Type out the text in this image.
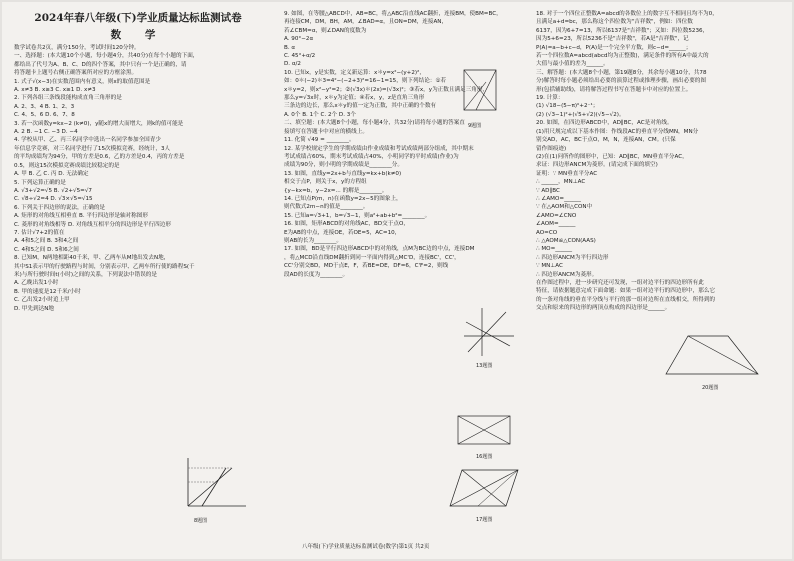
2024年春八年级(下)学业质量达标监测试卷
数 学
数学试卷共2页，满分150分，考试时间120分钟。
一、选择题：(本大题10个小题，每小题4分，共40分)在每个小题的下面，
都给出了代号为A、B、C、D的四个答案，其中只有一个是正确的，请
将答题卡上题号右侧正确答案所对应的方框涂黑。
1. 式子√(x−3)在实数范围内有意义，则x的取值范围是
A. x≠3 B. x≥3 C. x≥1 D. x≠3
2. 下列各组三条线段能构成直角三角形的是
A. 2、3、4 B. 1、2、3
C. 4、5、6 D. 6、7、8
3. 若一次函数y=kx−2 (k≠0)，y随x的增大而增大，则k的值可能是
A. 2 B. −1 C. −3 D. −4
4. 学校从甲、乙、丙三名同学中选出一名同学参加全国青少
年信息学竞赛，对三名同学进行了15次模拟竞赛，经统计，3人
的平均成绩均为94分，甲的方差是0.6，乙的方差是0.4，丙的方差是
0.5，则这15次模拟竞赛成绩比较稳定的是
A. 甲 B. 乙 C. 丙 D. 无法确定
5. 下列运算正确的是
A. √3+√2=√5 B. √2+√5=√7
C. √8÷√2=4 D. √3×√5=√15
6. 下列关于四边形的说法，正确的是
A. 矩形的对角线互相垂直 B. 平行四边形是轴对称图形
C. 菱形的对角线相等 D. 对角线互相平分的四边形是平行四边形
7. 估计√7+2的值在
A. 4和5之间 B. 3和4之间
C. 4和5之间 D. 5和6之间
8. 已知M，N两地相距40千米，甲、乙两车从M地出发去N地，
其中S1表示甲的行驶路程与时间，分别表示甲、乙两车所行使的路程S(千
米)与所行驶时间t(小时)之间的关系，下列说法中错误的是
A. 乙晚出发1小时
B. 甲的速度是12千米/小时
C. 乙出发2小时追上甲
D. 甲先到达N地
9. 如图，在等腰△ABCD中，AB=BC，将△ABC沿直线AC翻折，连接BM，使BM=BC，
再连接CM，DM，BH，AM，∠BAD=α，且ON=DM，连接AN，
若∠CBM=α，则∠DAN的度数为
A. 90°−2α
B. α
C. 45°+α/2
D. α/2
10. 已知x，y是实数，定义新运算：x＊y=x²−(y+2)²，
如：0＊(−2)＊3=4²−(−2+3)²=16−1=15，则下列结论：①若
x＊y=2，则x²−y²=2；②(√3x)＊(2x)=(√3x)²；③若x，y为正数且满足三角形，
那么y=√3x时，x＊y为定值；④若x，y，z是直角三角形
三条边的边长，那么x＊y的值一定为正数，其中正确的个数有
A. 0个 B. 1个 C. 2个 D. 3个
二、填空题：(本大题8个小题，每小题4分，共32分)请将每小题的答案直
接填写在答题卡中对应的横线上。
11. 化简 √49 = ________。
12. 某学校规定学生的学期成绩由作业成绩和考试成绩两部分组成，其中期末
考试成绩占60%，期末考试成绩占40%，小明同学的平时成绩(作业)为
成绩为90分，则小明的学期成绩是________分。
13. 如图，直线y=2x+b与直线y=kx+b(k≠0)
相交于点P，则关于x，y的方程组
{y−kx=b，y−2x=... 的解是________。
14. 已知点P(m，n)在函数y=2x−5的图象上，
则代数式2m−n的值是________。
15. 已知a=√3+1，b=√3−1，则a²+ab+b²=________。
16. 如图，矩形ABCD的对角线AC，BD交于点O，
E为AB的中点，连接OE，若OE=5，AC=10，
则AB的长为________。
17. 如图，BD是平行四边形ABCD中的对角线，点M为BC边的中点，连接DM
，将△MCD沿直线DM翻折到同一平面内得到△MC'D，连接BC'，CC'，
CC'分别交BD，MD于点E，F，若BE=DE，DF=6，C'F=2，则线
段AD的长度为________。
18. 对于一个四位正整数A=abcd的各数位上的数字互不相同且均不为0，
且满足a+d=bc，那么称这个四位数为"吉祥数"，例如：四位数
6137，因为6+7=13，所以6137是"吉祥数"；又如：四位数5236，
因为5+6=23，所以5236不是"吉祥数"，若A是"吉祥数"，记
P(A)=a−b+c−d，P(A)是一个完全平方数，则c−d=______；
若一个四位数A=abcd(abcd均为正整数)，满足条件的所有A中最大的
大值与最小值的差为______。
三、解答题：(本大题8个小题，第19题8分，其余每小题10分，共78
分)解答时每小题必须给出必要的演算过程或推理步骤，画出必要的图
形(包括辅助线)，请将解答过程书写在答题卡中对应的位置上。
19. 计算：
(1) √18−(5−π)⁰+2⁻¹；
(2) (√3−1)²+(√5+√2)(√5−√2)。
20. 如图，在四边形ABCD中，AD∥BC，AC是对角线。
(1)用尺规完成以下基本作图：作线段AC的垂直平分线MN，MN分
别交AD，AC，BC于点O，M，N，连接AN，CM。(只保
留作图痕迹)
(2)在(1)问所作的图形中，已知：AD∥BC，MN垂直平分AC，
求证：四边形ANCM为菱形。(请完成下面的填空)
证明：∵ MN垂直平分AC
∴ ______，MN⊥AC
∵ AD∥BC
∴ ∠AMO=______
∵ 在△AOM和△CON中
∠AMO=∠CNO
∠AOM=______
AO=CO
∴ △AOM≌△CON(AAS)
∴ MO=______
∴ 四边形ANCM为平行四边形
∵ MN⊥AC
∴ 四边形ANCM为菱形。
在作图过程中，进一步研究还可发现，一组对边平行的四边形所有此
特征，请依据题意完成下面命题：如果一组对边平行的四边形中，那么它
的一条对角线的垂直平分线与平行的那一组对边所在直线相交，所得到的
交点和原来的四边形的两顶点构成的四边形是______。
8题图
9题图
13题图
16题图
17题图
20题图
八年级(下)学业质量达标监测试卷(数学)第1页 共2页
